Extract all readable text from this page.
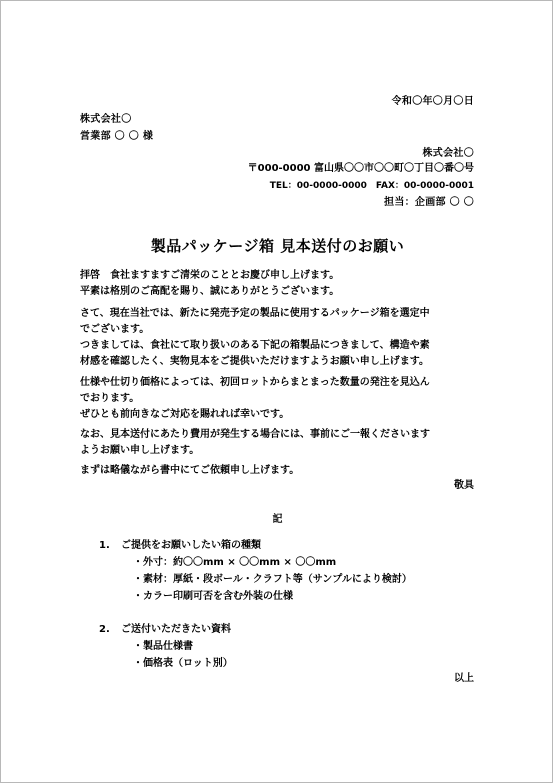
令和〇年〇月〇日
株式会社〇
営業部 〇 〇 様
株式会社〇
〒000-0000 富山県〇〇市〇〇町〇丁目〇番〇号
TEL：00-0000-0000　FAX：00-0000-0001
担当：企画部 〇 〇
製品パッケージ箱 見本送付のお願い
拝啓　食社ますますご清栄のこととお慶び申し上げます。
平素は格別のご高配を賜り、誠にありがとうございます。
さて、現在当社では、新たに発売予定の製品に使用するパッケージ箱を選定中
でございます。
つきましては、食社にて取り扱いのある下記の箱製品につきまして、構造や素
材感を確認したく、実物見本をご提供いただけますようお願い申し上げます。
仕様や仕切り価格によっては、初回ロットからまとまった数量の発注を見込ん
でおります。
ぜひとも前向きなご対応を賜れれば幸いです。
なお、見本送付にあたり費用が発生する場合には、事前にご一報くださいます
ようお願い申し上げます。
まずは略儀ながら書中にてご依頼申し上げます。
敬具
記
1. ご提供をお願いしたい箱の種類
・外寸：約〇〇mm × 〇〇mm × 〇〇mm
・素材：厚紙・段ボール・クラフト等（サンプルにより検討）
・カラー印刷可否を含む外装の仕様
2. ご送付いただきたい資料
・製品仕様書
・価格表（ロット別）
以上
